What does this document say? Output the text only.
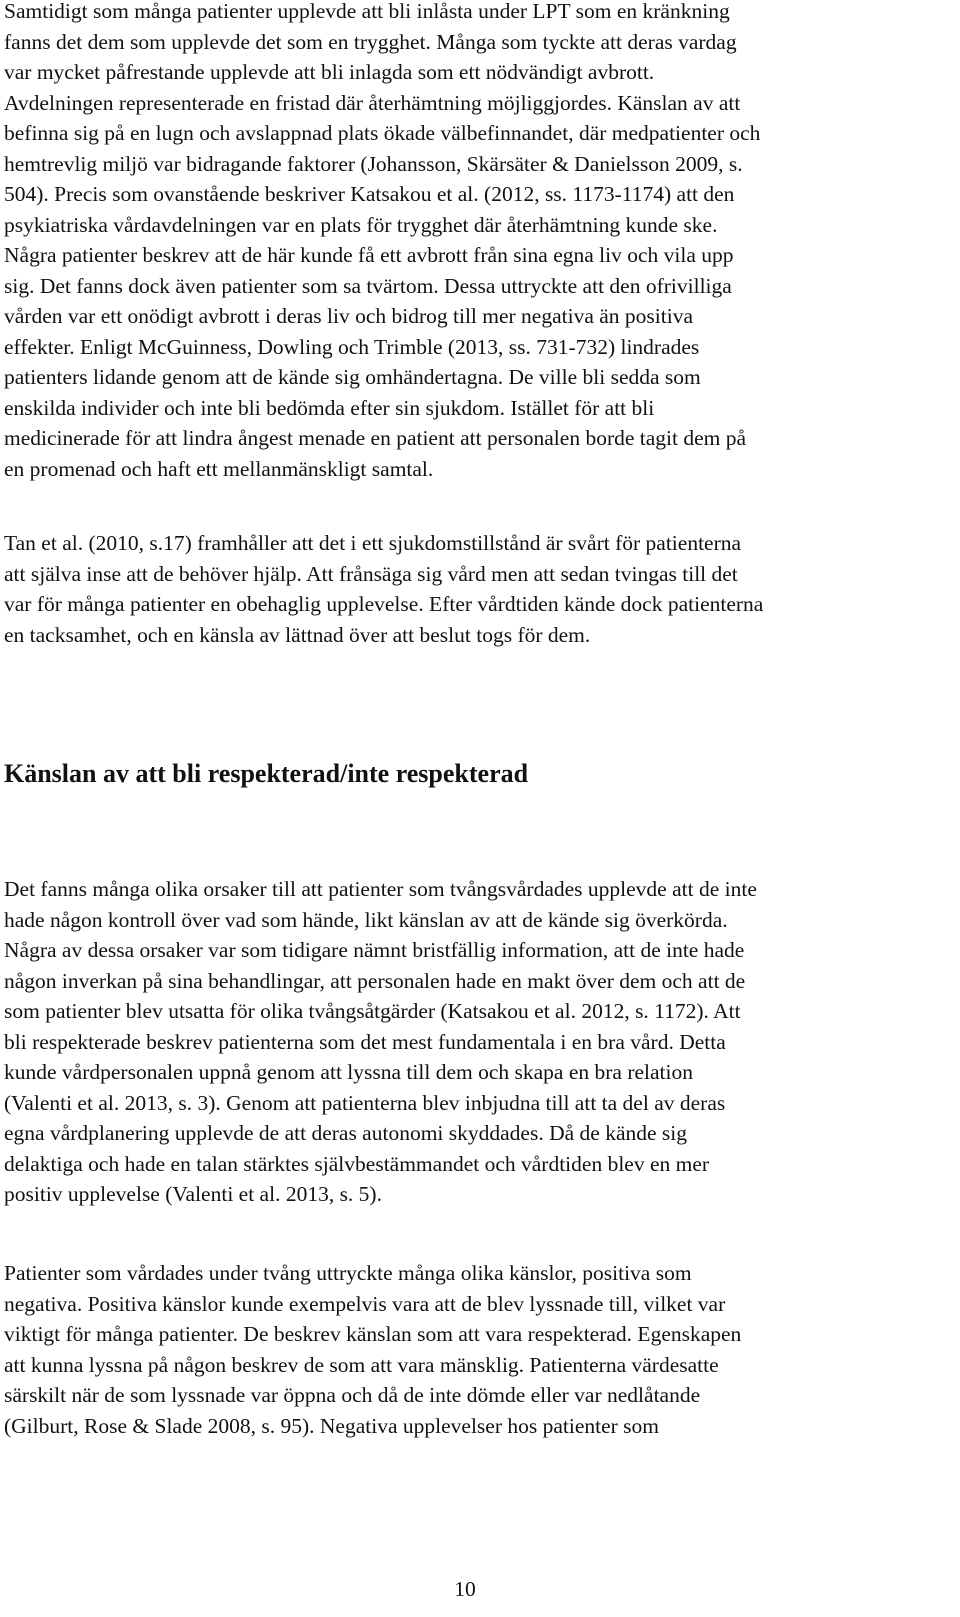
Samtidigt som många patienter upplevde att bli inlåsta under LPT som en kränkning
fanns det dem som upplevde det som en trygghet. Många som tyckte att deras vardag
var mycket påfrestande upplevde att bli inlagda som ett nödvändigt avbrott.
Avdelningen representerade en fristad där återhämtning möjliggjordes. Känslan av att
befinna sig på en lugn och avslappnad plats ökade välbefinnandet, där medpatienter och
hemtrevlig miljö var bidragande faktorer (Johansson, Skärsäter & Danielsson 2009, s.
504). Precis som ovanstående beskriver Katsakou et al. (2012, ss. 1173-1174) att den
psykiatriska vårdavdelningen var en plats för trygghet där återhämtning kunde ske.
Några patienter beskrev att de här kunde få ett avbrott från sina egna liv och vila upp
sig. Det fanns dock även patienter som sa tvärtom. Dessa uttryckte att den ofrivilliga
vården var ett onödigt avbrott i deras liv och bidrog till mer negativa än positiva
effekter. Enligt McGuinness, Dowling och Trimble (2013, ss. 731-732) lindrades
patienters lidande genom att de kände sig omhändertagna. De ville bli sedda som
enskilda individer och inte bli bedömda efter sin sjukdom. Istället för att bli
medicinerade för att lindra ångest menade en patient att personalen borde tagit dem på
en promenad och haft ett mellanmänskligt samtal.

Tan et al. (2010, s.17) framhåller att det i ett sjukdomstillstånd är svårt för patienterna
att själva inse att de behöver hjälp. Att frånsäga sig vård men att sedan tvingas till det
var för många patienter en obehaglig upplevelse. Efter vårdtiden kände dock patienterna
en tacksamhet, och en känsla av lättnad över att beslut togs för dem.

Känslan av att bli respekterad/inte respekterad

Det fanns många olika orsaker till att patienter som tvångsvårdades upplevde att de inte
hade någon kontroll över vad som hände, likt känslan av att de kände sig överkörda.
Några av dessa orsaker var som tidigare nämnt bristfällig information, att de inte hade
någon inverkan på sina behandlingar, att personalen hade en makt över dem och att de
som patienter blev utsatta för olika tvångsåtgärder (Katsakou et al. 2012, s. 1172). Att
bli respekterade beskrev patienterna som det mest fundamentala i en bra vård. Detta
kunde vårdpersonalen uppnå genom att lyssna till dem och skapa en bra relation
(Valenti et al. 2013, s. 3). Genom att patienterna blev inbjudna till att ta del av deras
egna vårdplanering upplevde de att deras autonomi skyddades. Då de kände sig
delaktiga och hade en talan stärktes självbestämmandet och vårdtiden blev en mer
positiv upplevelse (Valenti et al. 2013, s. 5).

Patienter som vårdades under tvång uttryckte många olika känslor, positiva som
negativa. Positiva känslor kunde exempelvis vara att de blev lyssnade till, vilket var
viktigt för många patienter. De beskrev känslan som att vara respekterad. Egenskapen
att kunna lyssna på någon beskrev de som att vara mänsklig. Patienterna värdesatte
särskilt när de som lyssnade var öppna och då de inte dömde eller var nedlåtande
(Gilburt, Rose & Slade 2008, s. 95). Negativa upplevelser hos patienter som

10
